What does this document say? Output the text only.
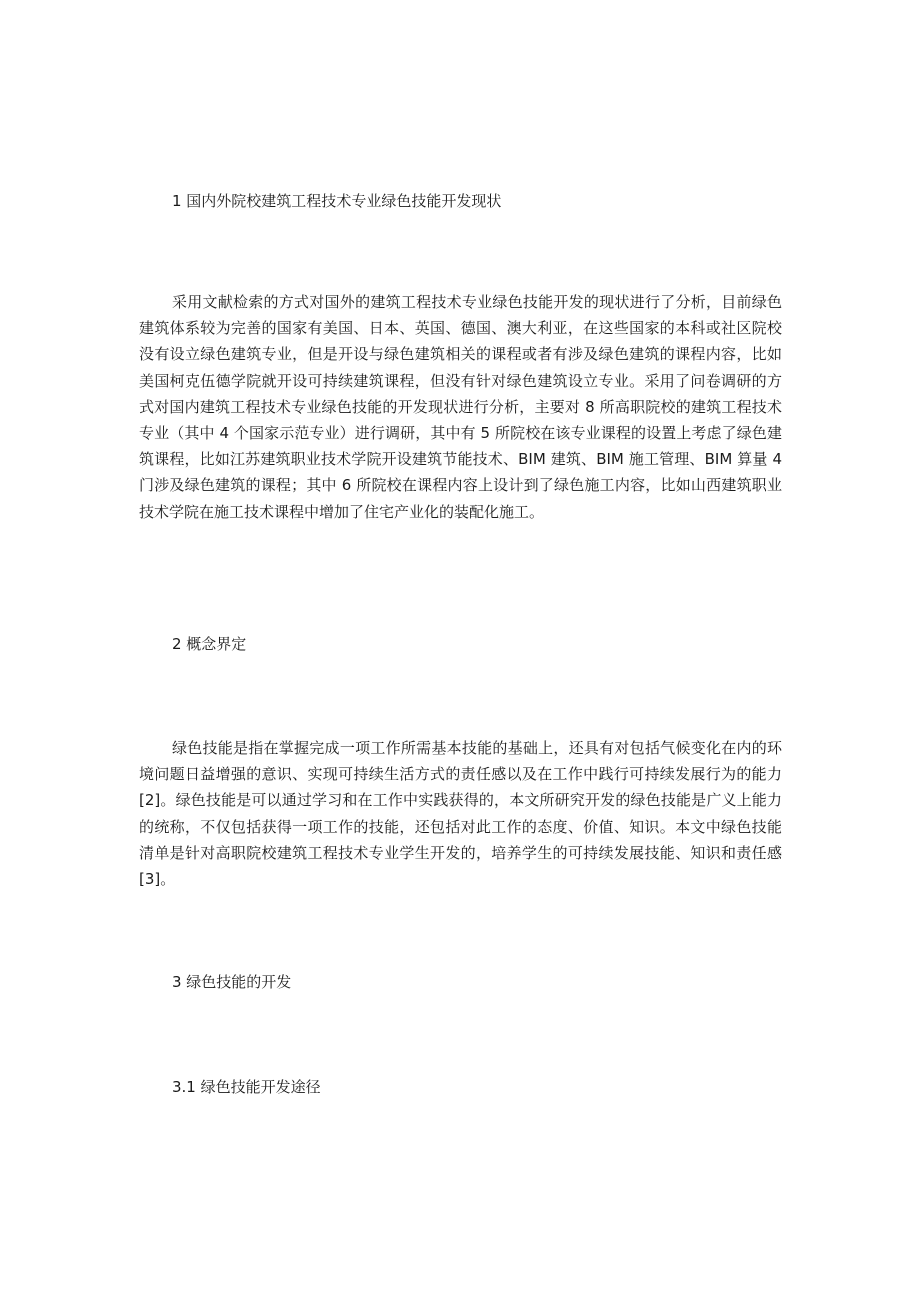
1 国内外院校建筑工程技术专业绿色技能开发现状

采用文献检索的方式对国外的建筑工程技术专业绿色技能开发的现状进行了分析，目前绿色建筑体系较为完善的国家有美国、日本、英国、德国、澳大利亚，在这些国家的本科或社区院校没有设立绿色建筑专业，但是开设与绿色建筑相关的课程或者有涉及绿色建筑的课程内容，比如美国柯克伍德学院就开设可持续建筑课程，但没有针对绿色建筑设立专业。采用了问卷调研的方式对国内建筑工程技术专业绿色技能的开发现状进行分析，主要对 8 所高职院校的建筑工程技术专业（其中 4 个国家示范专业）进行调研，其中有 5 所院校在该专业课程的设置上考虑了绿色建筑课程，比如江苏建筑职业技术学院开设建筑节能技术、BIM 建筑、BIM 施工管理、BIM 算量 4 门涉及绿色建筑的课程；其中 6 所院校在课程内容上设计到了绿色施工内容，比如山西建筑职业技术学院在施工技术课程中增加了住宅产业化的装配化施工。

2 概念界定

绿色技能是指在掌握完成一项工作所需基本技能的基础上，还具有对包括气候变化在内的环境问题日益增强的意识、实现可持续生活方式的责任感以及在工作中践行可持续发展行为的能力[2]。绿色技能是可以通过学习和在工作中实践获得的，本文所研究开发的绿色技能是广义上能力的统称，不仅包括获得一项工作的技能，还包括对此工作的态度、价值、知识。本文中绿色技能清单是针对高职院校建筑工程技术专业学生开发的，培养学生的可持续发展技能、知识和责任感[3]。

3 绿色技能的开发
3.1 绿色技能开发途径
